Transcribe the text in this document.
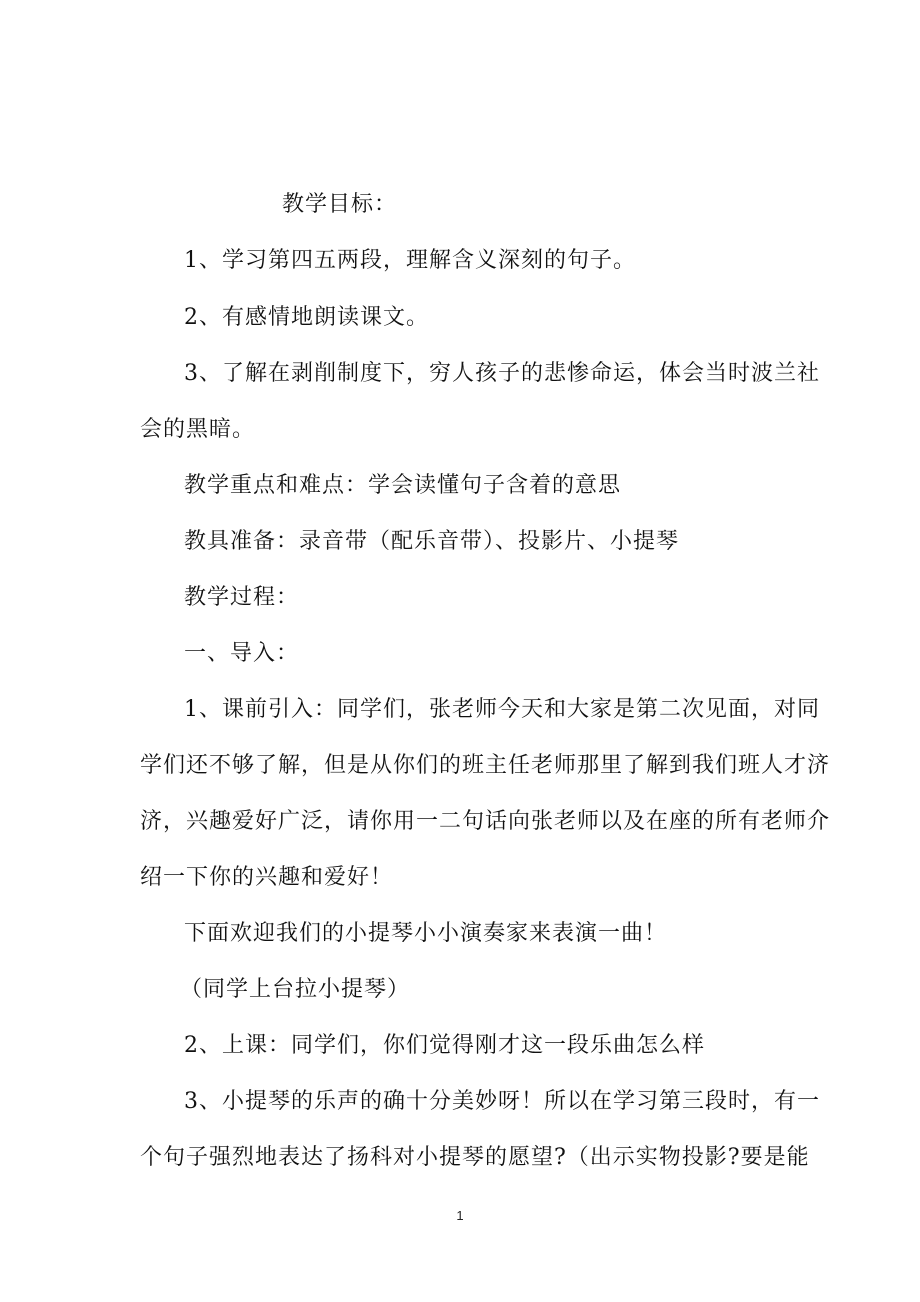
教学目标：
1、学习第四五两段，理解含义深刻的句子。
2、有感情地朗读课文。
3、了解在剥削制度下，穷人孩子的悲惨命运，体会当时波兰社
会的黑暗。
教学重点和难点：学会读懂句子含着的意思
教具准备：录音带（配乐音带）、投影片、小提琴
教学过程：
一、导入：
1、课前引入：同学们，张老师今天和大家是第二次见面，对同
学们还不够了解，但是从你们的班主任老师那里了解到我们班人才济
济，兴趣爱好广泛，请你用一二句话向张老师以及在座的所有老师介
绍一下你的兴趣和爱好！
下面欢迎我们的小提琴小小演奏家来表演一曲！
（同学上台拉小提琴）
2、上课：同学们，你们觉得刚才这一段乐曲怎么样
3、小提琴的乐声的确十分美妙呀！所以在学习第三段时，有一
个句子强烈地表达了扬科对小提琴的愿望?（出示实物投影?要是能
1
